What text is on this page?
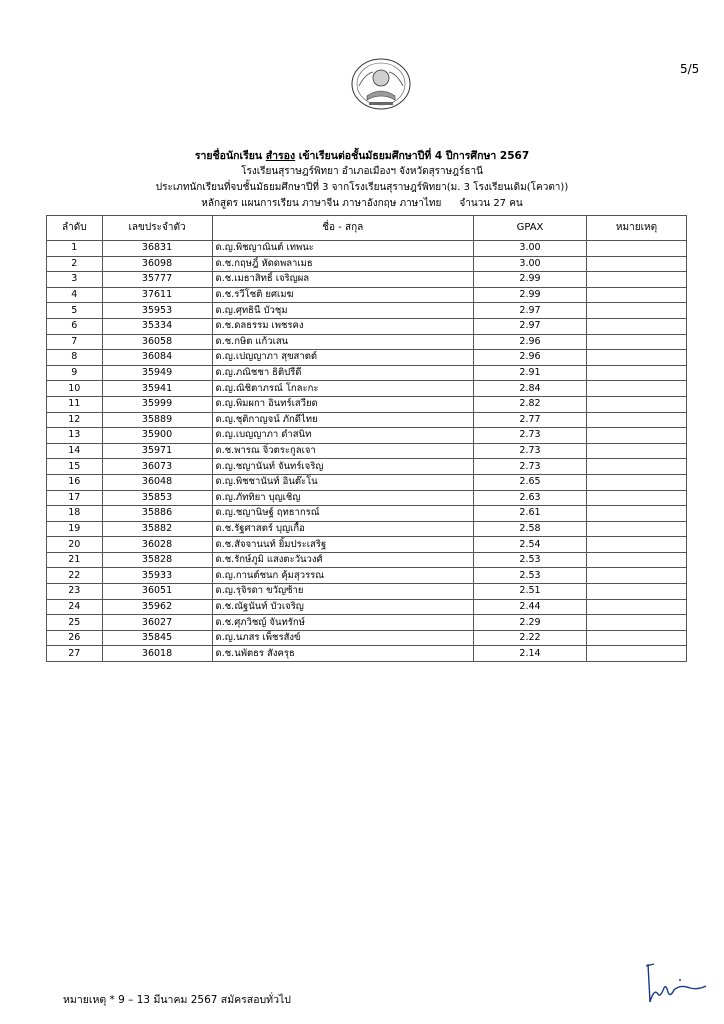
5/5
รายชื่อนักเรียน สำรอง เข้าเรียนต่อชั้นมัธยมศึกษาปีที่ 4 ปีการศึกษา 2567
โรงเรียนสุราษฎร์พิทยา อำเภอเมืองฯ จังหวัดสุราษฎร์ธานี
ประเภทนักเรียนที่จบชั้นมัธยมศึกษาปีที่ 3 จากโรงเรียนสุราษฎร์พิทยา(ม. 3 โรงเรียนเดิม(โควตา))
หลักสูตร แผนการเรียน ภาษาจีน ภาษาอังกฤษ ภาษาไทย จำนวน 27 คน
ลำดับ	เลขประจำตัว	ชื่อ - สกุล	GPAX	หมายเหตุ
1	36831	ด.ญ.พิชญาณินต์ เทพนะ	3.00	
2	36098	ด.ช.กฤษฎิ์ หัดดพลาเมธ	3.00	
3	35777	ด.ช.เมธาสิทธิ์ เจริญผล	2.99	
4	37611	ด.ช.รวีโชติ ยศเมฆ	2.99	
5	35953	ด.ญ.ศุทธินี บัวชุม	2.97	
6	35334	ด.ช.ดลธรรม เพชรคง	2.97	
7	36058	ด.ช.กษิต แก้วเสน	2.96	
8	36084	ด.ญ.เปญญาภา สุขสาตต์	2.96	
9	35949	ด.ญ.ภณิชชา ธิติปรีดี	2.91	
10	35941	ด.ญ.ณิชิตาภรณ์ โกละกะ	2.84	
11	35999	ด.ญ.พิมผกา อินทร์เสวียด	2.82	
12	35889	ด.ญ.ชุติกาญจน์ ภักดีไทย	2.77	
13	35900	ด.ญ.เบญญาภา ดำสนิท	2.73	
14	35971	ด.ช.พารณ จิ๋วตระกูลเจา	2.73	
15	36073	ด.ญ.ชญานันท์ จันทร์เจริญ	2.73	
16	36048	ด.ญ.พิชชานันท์ อินต๊ะโน	2.65	
17	35853	ด.ญ.ภัททิยา บุญเชิญ	2.63	
18	35886	ด.ญ.ชญานิษฐ์ ฤทธากรณ์	2.61	
19	35882	ด.ช.รัฐศาสตร์ บุญเกื้อ	2.58	
20	36028	ด.ช.สัจจานนท์ ยิ้มประเสริฐ	2.54	
21	35828	ด.ช.รักษ์ภูมิ แสงตะวันวงศ์	2.53	
22	35933	ด.ญ.กานต์ชนก คุ้มสุวรรณ	2.53	
23	36051	ด.ญ.รุจิรดา ขวัญซ้าย	2.51	
24	35962	ด.ช.ณัฐนันท์ บัวเจริญ	2.44	
25	36027	ด.ช.ศุภวิชญ์ จันทรักษ์	2.29	
26	35845	ด.ญ.นภสร เพ็ชรสังข์	2.22	
27	36018	ด.ช.นพัตธร สังครุธ	2.14	
หมายเหตุ * 9 – 13 มีนาคม 2567 สมัครสอบทั่วไป
